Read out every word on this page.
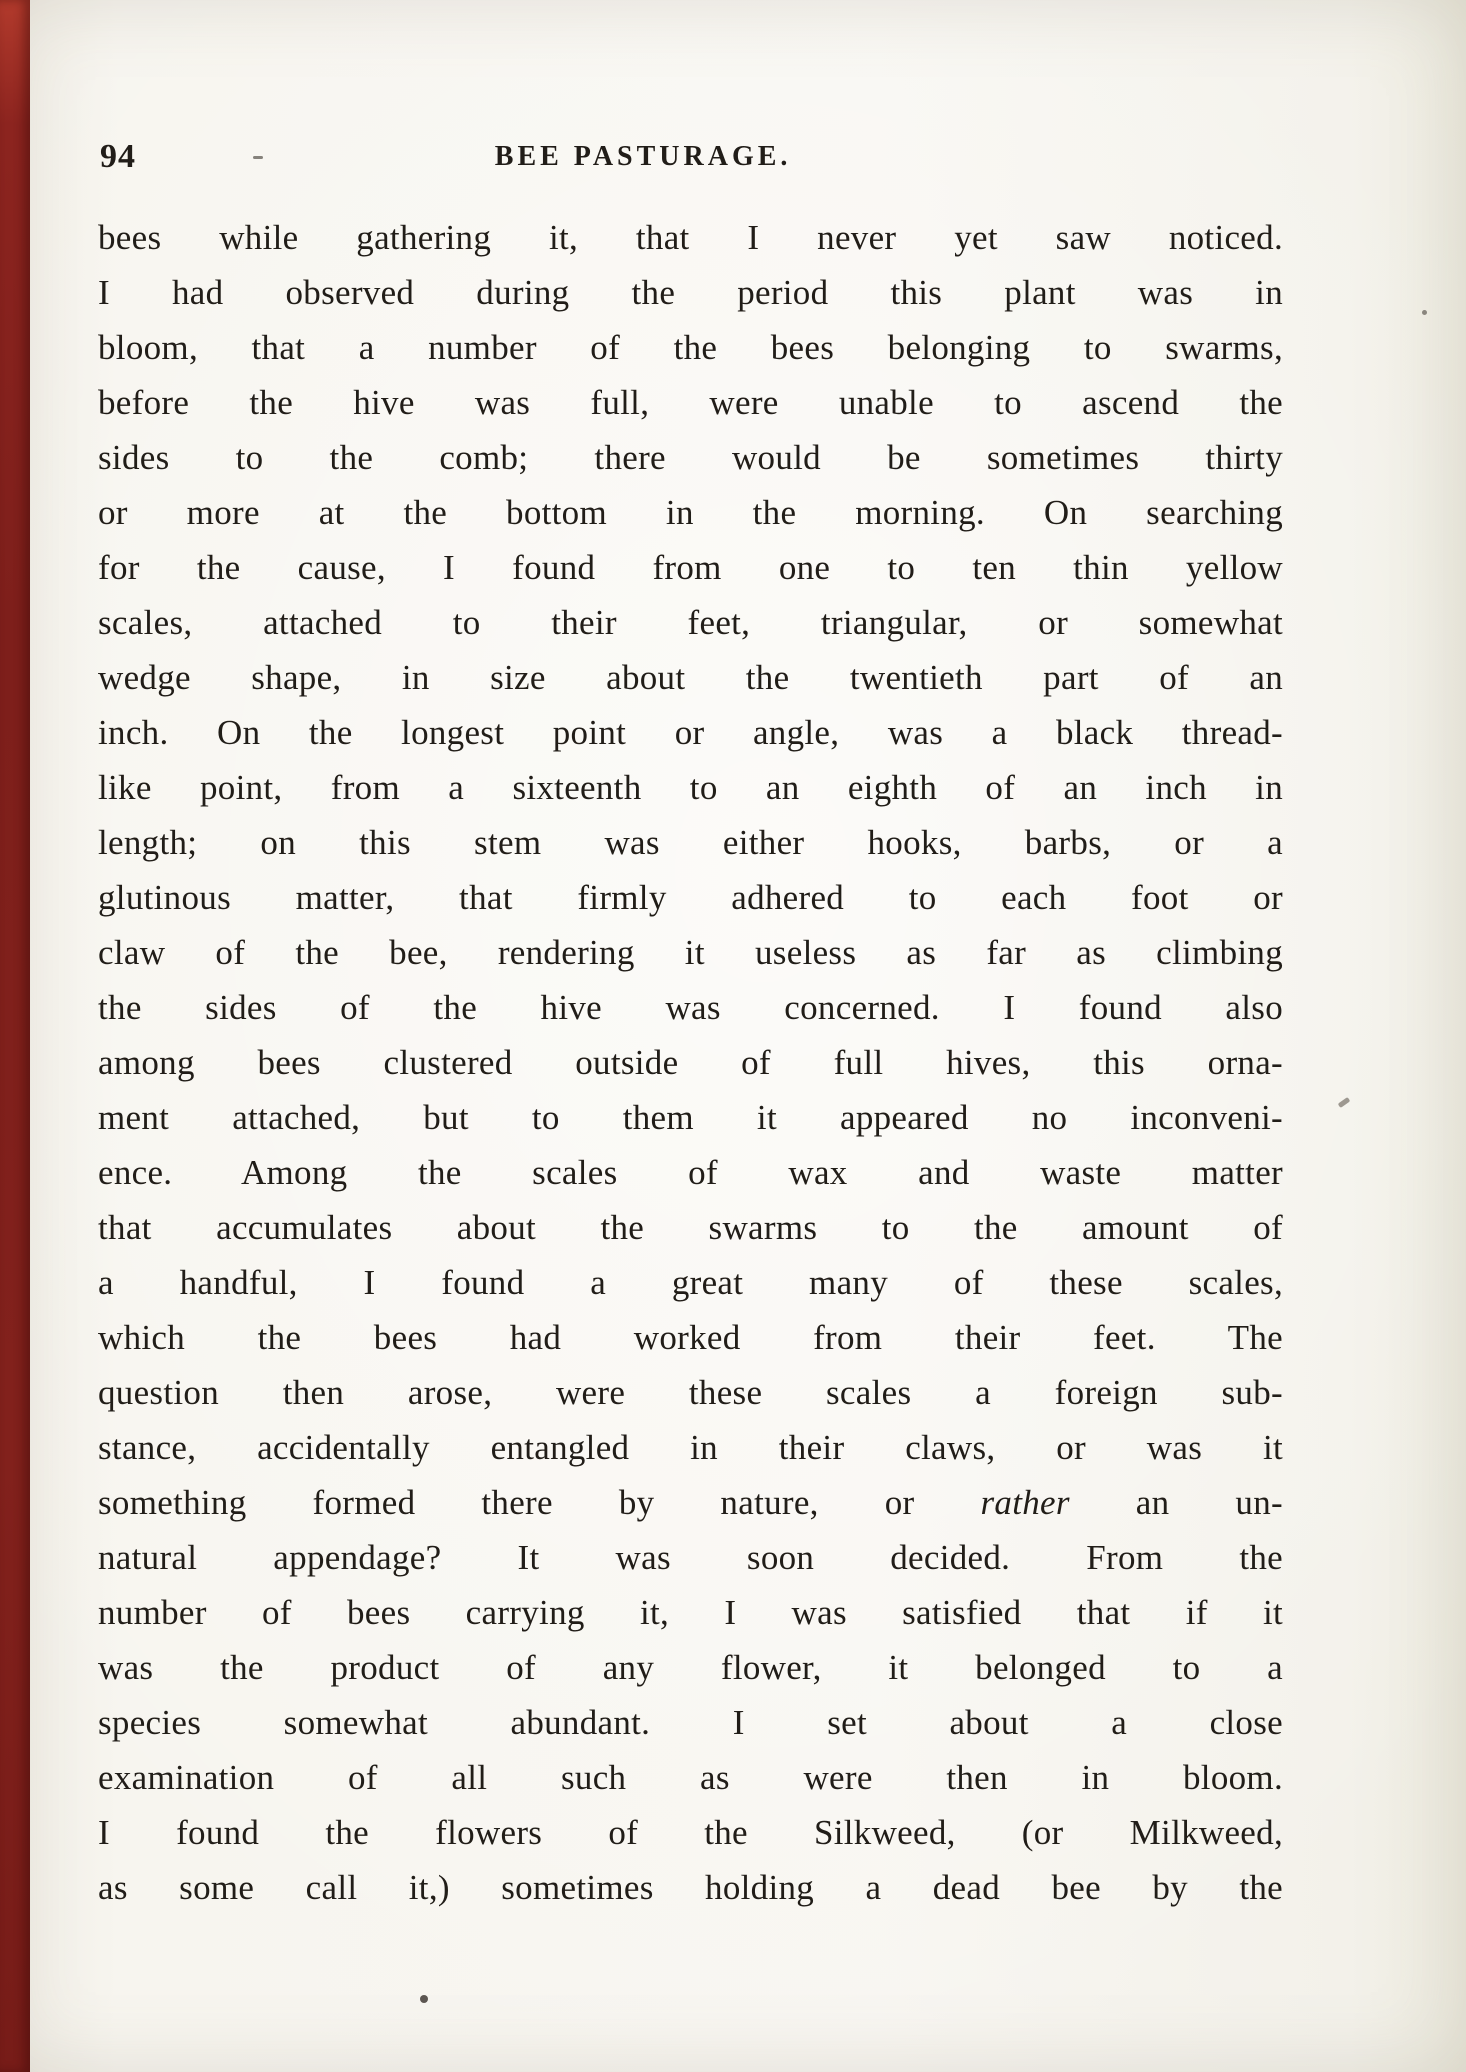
94	BEE PASTURAGE.
bees while gathering it, that I never yet saw noticed.
I had observed during the period this plant was in
bloom, that a number of the bees belonging to swarms,
before the hive was full, were unable to ascend the
sides to the comb; there would be sometimes thirty
or more at the bottom in the morning. On searching
for the cause, I found from one to ten thin yellow
scales, attached to their feet, triangular, or somewhat
wedge shape, in size about the twentieth part of an
inch. On the longest point or angle, was a black thread-
like point, from a sixteenth to an eighth of an inch in
length; on this stem was either hooks, barbs, or a
glutinous matter, that firmly adhered to each foot or
claw of the bee, rendering it useless as far as climbing
the sides of the hive was concerned. I found also
among bees clustered outside of full hives, this orna-
ment attached, but to them it appeared no inconveni-
ence. Among the scales of wax and waste matter
that accumulates about the swarms to the amount of
a handful, I found a great many of these scales,
which the bees had worked from their feet. The
question then arose, were these scales a foreign sub-
stance, accidentally entangled in their claws, or was it
something formed there by nature, or rather an un-
natural appendage? It was soon decided. From the
number of bees carrying it, I was satisfied that if it
was the product of any flower, it belonged to a
species somewhat abundant. I set about a close
examination of all such as were then in bloom.
I found the flowers of the Silkweed, (or Milkweed,
as some call it,) sometimes holding a dead bee by the
